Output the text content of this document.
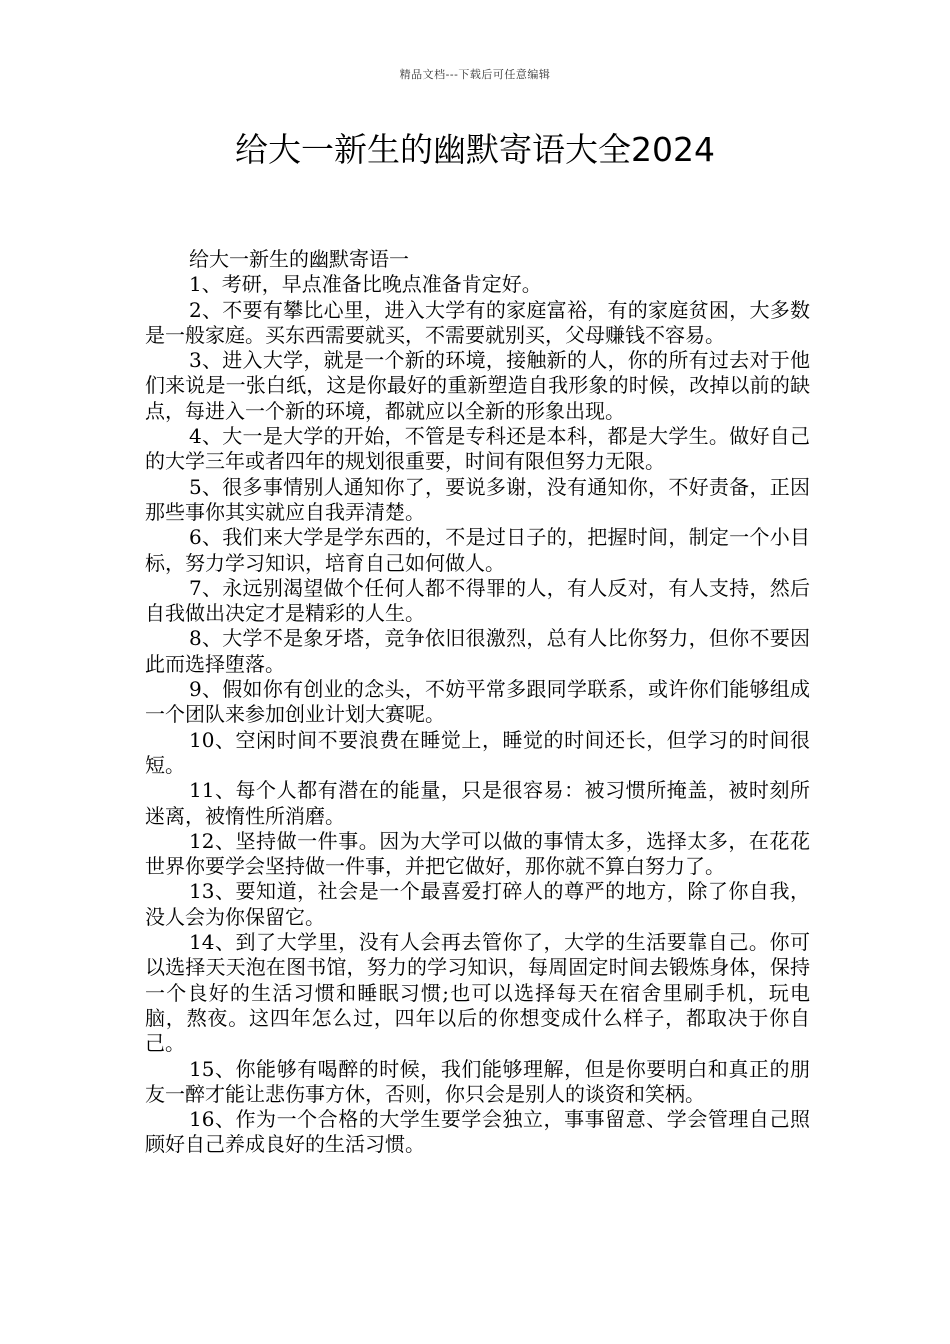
精品文档---下载后可任意编辑
给大一新生的幽默寄语大全2024

给大一新生的幽默寄语一

1、考研，早点准备比晚点准备肯定好。

2、不要有攀比心里，进入大学有的家庭富裕，有的家庭贫困，大多数是一般家庭。买东西需要就买，不需要就别买，父母赚钱不容易。

3、进入大学，就是一个新的环境，接触新的人，你的所有过去对于他们来说是一张白纸，这是你最好的重新塑造自我形象的时候，改掉以前的缺点，每进入一个新的环境，都就应以全新的形象出现。

4、大一是大学的开始，不管是专科还是本科，都是大学生。做好自己的大学三年或者四年的规划很重要，时间有限但努力无限。

5、很多事情别人通知你了，要说多谢，没有通知你，不好责备，正因那些事你其实就应自我弄清楚。

6、我们来大学是学东西的，不是过日子的，把握时间，制定一个小目标，努力学习知识，培育自己如何做人。

7、永远别渴望做个任何人都不得罪的人，有人反对，有人支持，然后自我做出决定才是精彩的人生。

8、大学不是象牙塔，竞争依旧很激烈，总有人比你努力，但你不要因此而选择堕落。

9、假如你有创业的念头，不妨平常多跟同学联系，或许你们能够组成一个团队来参加创业计划大赛呢。

10、空闲时间不要浪费在睡觉上，睡觉的时间还长，但学习的时间很短。

11、每个人都有潜在的能量，只是很容易：被习惯所掩盖，被时刻所迷离，被惰性所消磨。

12、坚持做一件事。因为大学可以做的事情太多，选择太多，在花花世界你要学会坚持做一件事，并把它做好，那你就不算白努力了。

13、要知道，社会是一个最喜爱打碎人的尊严的地方，除了你自我，没人会为你保留它。

14、到了大学里，没有人会再去管你了，大学的生活要靠自己。你可以选择天天泡在图书馆，努力的学习知识，每周固定时间去锻炼身体，保持一个良好的生活习惯和睡眠习惯;也可以选择每天在宿舍里刷手机，玩电脑，熬夜。这四年怎么过，四年以后的你想变成什么样子，都取决于你自己。

15、你能够有喝醉的时候，我们能够理解，但是你要明白和真正的朋友一醉才能让悲伤事方休，否则，你只会是别人的谈资和笑柄。

16、作为一个合格的大学生要学会独立，事事留意、学会管理自己照顾好自己养成良好的生活习惯。
